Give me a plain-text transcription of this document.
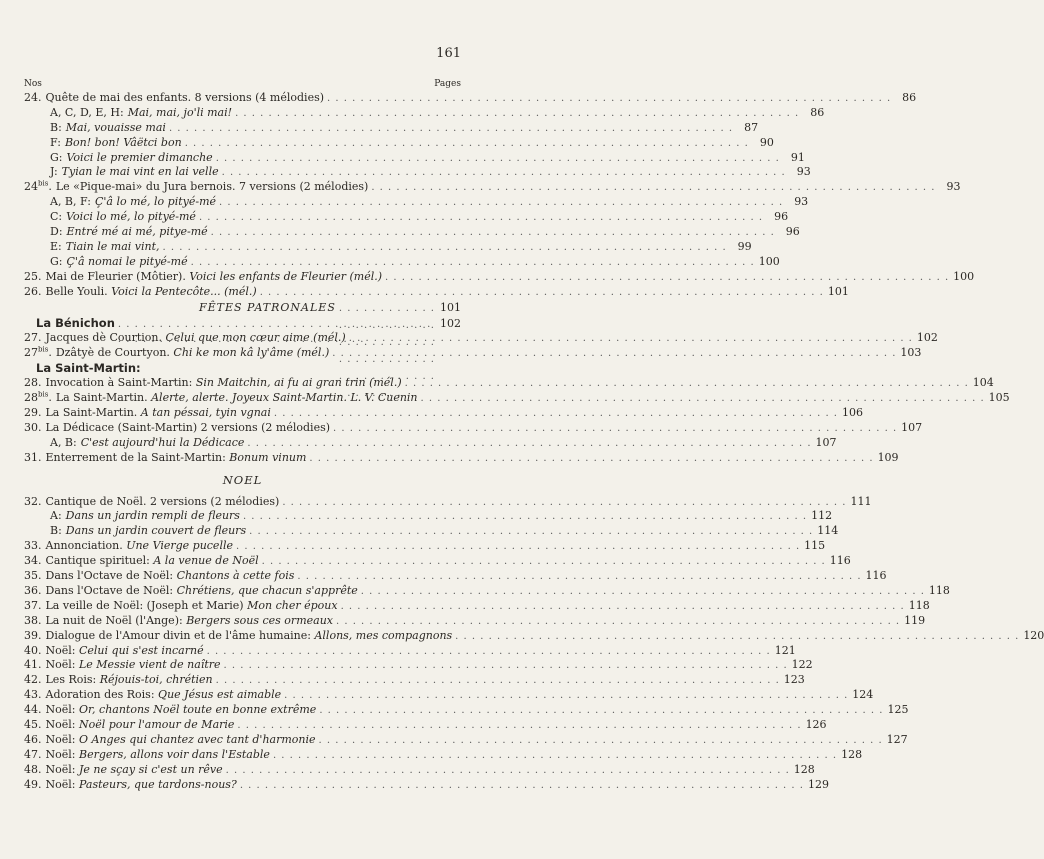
161
Nos	Pages
24. Quête de mai des enfants. 8 versions (4 mélodies) . . .	86
A, C, D, E, H: Mai, mai, jo'li mai! . . .	86
B: Mai, vouaisse mai . . .	87
F: Bon! bon! Vâëtci bon . . .	90
G: Voici le premier dimanche . . .	91
J: Tyian le mai vint en lai velle . . .	93
$24^{bis}$. Le «Pique-mai» du Jura bernois. 7 versions (2 mélodies) . . .	93
A, B, F: Ç'â lo mé, lo pityé-mé . . .	93
C: Voici lo mé, lo pityé-mé . . .	96
D: Entré mé ai mé, pitye-mé . . .	96
E: Tiain le mai vint, . . .	99
G: Ç'â nomai le pityé-mé . . .	100
25. Mai de Fleurier (Môtier). Voici les enfants de Fleurier (mél.) . . .	100
26. Belle Youli. Voici la Pentecôte... (mél.) . . .	101
FÊTES PATRONALES . . .	101
La Bénichon . . .	102
27. Jacques dè Courtion. Celui que mon cœur aime (mél.) . . .	102
$27^{bis}$. Dzâtyè de Courtyon. Chi ke mon kâ ly'âme (mél.) . . .	103
La Saint-Martin:
28. Invocation à Saint-Martin: Sin Maitchin, ai fu ai gran trin (mél.) . . .	104
$28^{bis}$. La Saint-Martin. Alerte, alerte. Joyeux Saint-Martin. L. V. Cuenin . . .	105
29. La Saint-Martin. A tan péssai, tyin vgnai . . .	106
30. La Dédicace (Saint-Martin) 2 versions (2 mélodies) . . .	107
A, B: C'est aujourd'hui la Dédicace . . .	107
31. Enterrement de la Saint-Martin: Bonum vinum . . .	109
NOEL
32. Cantique de Noël. 2 versions (2 mélodies) . . .	111
A: Dans un jardin rempli de fleurs . . .	112
B: Dans un jardin couvert de fleurs . . .	114
33. Annonciation. Une Vierge pucelle . . .	115
34. Cantique spirituel: A la venue de Noël . . .	116
35. Dans l'Octave de Noël: Chantons à cette fois . . .	116
36. Dans l'Octave de Noël: Chrétiens, que chacun s'apprête . . .	118
37. La veille de Noël: (Joseph et Marie) Mon cher époux . . .	118
38. La nuit de Noël (l'Ange): Bergers sous ces ormeaux . . .	119
39. Dialogue de l'Amour divin et de l'âme humaine: Allons, mes compagnons . . .	120
40. Noël: Celui qui s'est incarné . . .	121
41. Noël: Le Messie vient de naître . . .	122
42. Les Rois: Réjouis-toi, chrétien . . .	123
43. Adoration des Rois: Que Jésus est aimable . . .	124
44. Noël: Or, chantons Noël toute en bonne extrême . . .	125
45. Noël: Noël pour l'amour de Marie . . .	126
46. Noël: O Anges qui chantez avec tant d'harmonie . . .	127
47. Noël: Bergers, allons voir dans l'Estable . . .	128
48. Noël: Je ne sçay si c'est un rêve . . .	128
49. Noël: Pasteurs, que tardons-nous? . . .	129
